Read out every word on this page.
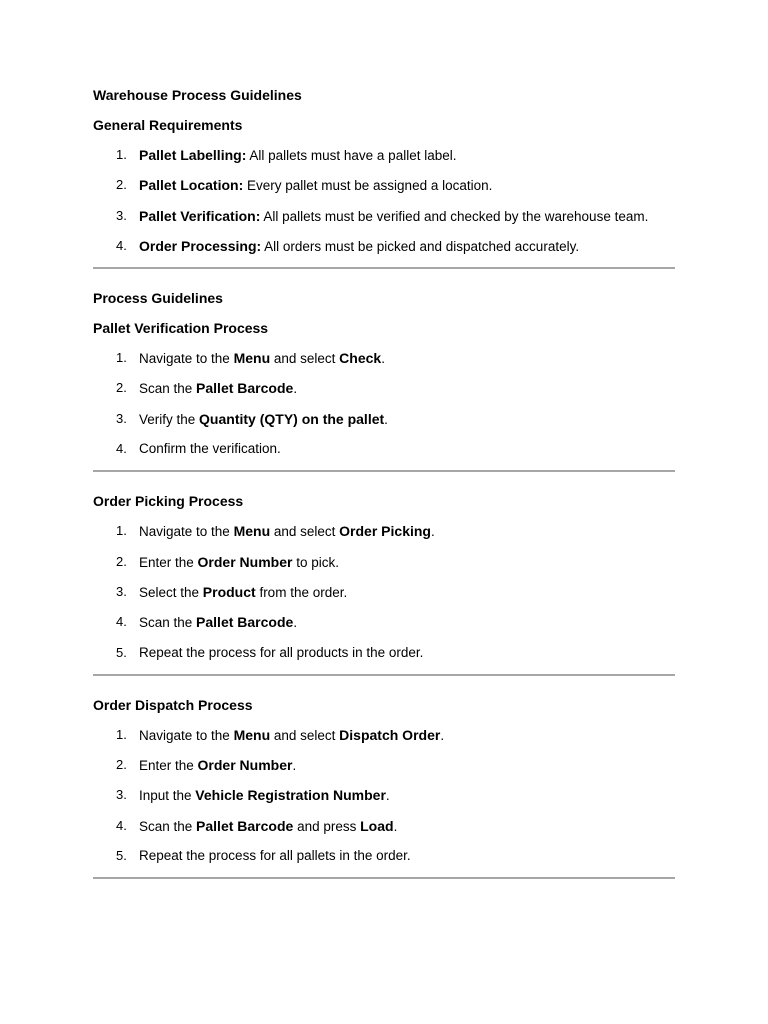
Warehouse Process Guidelines

General Requirements

1. Pallet Labelling: All pallets must have a pallet label.
2. Pallet Location: Every pallet must be assigned a location.
3. Pallet Verification: All pallets must be verified and checked by the warehouse team.
4. Order Processing: All orders must be picked and dispatched accurately.

Process Guidelines

Pallet Verification Process

1. Navigate to the Menu and select Check.
2. Scan the Pallet Barcode.
3. Verify the Quantity (QTY) on the pallet.
4. Confirm the verification.

Order Picking Process

1. Navigate to the Menu and select Order Picking.
2. Enter the Order Number to pick.
3. Select the Product from the order.
4. Scan the Pallet Barcode.
5. Repeat the process for all products in the order.

Order Dispatch Process

1. Navigate to the Menu and select Dispatch Order.
2. Enter the Order Number.
3. Input the Vehicle Registration Number.
4. Scan the Pallet Barcode and press Load.
5. Repeat the process for all pallets in the order.
